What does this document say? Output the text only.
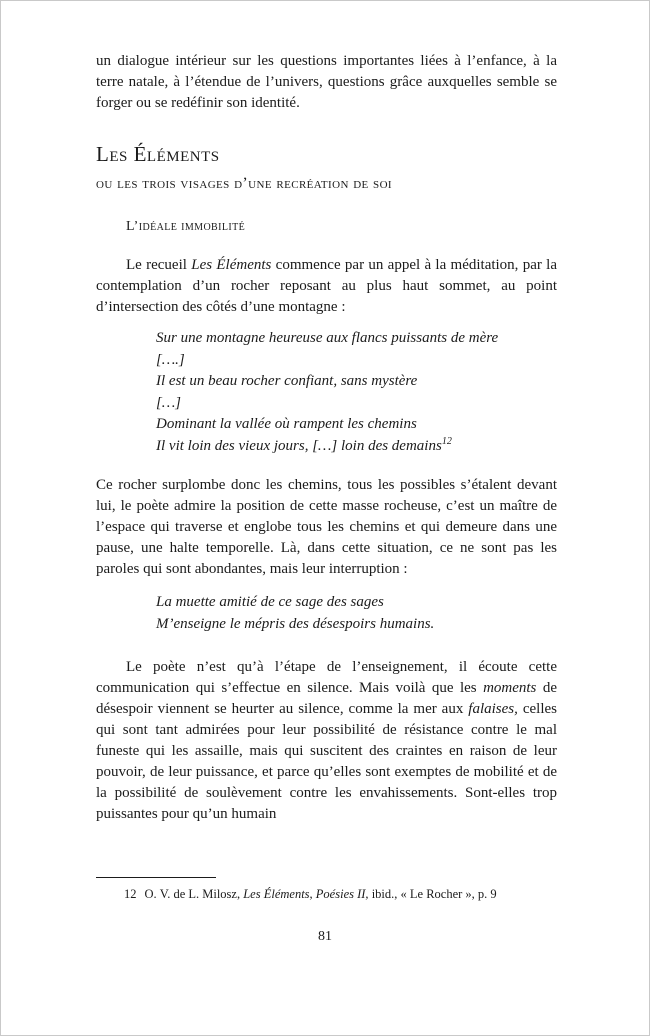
un dialogue intérieur sur les questions importantes liées à l’enfance, à la terre natale, à l’étendue de l’univers, questions grâce auxquelles semble se forger ou se redéfinir son identité.

Les Éléments
ou les trois visages d’une recréation de soi
L’idéale immobilité

Le recueil Les Éléments commence par un appel à la méditation, par la contemplation d’un rocher reposant au plus haut sommet, au point d’intersection des côtés d’une montagne :

Sur une montagne heureuse aux flancs puissants de mère
[….]
Il est un beau rocher confiant, sans mystère
[…]
Dominant la vallée où rampent les chemins
Il vit loin des vieux jours, […] loin des demains$^{12}$

Ce rocher surplombe donc les chemins, tous les possibles s’étalent devant lui, le poète admire la position de cette masse rocheuse, c’est un maître de l’espace qui traverse et englobe tous les chemins et qui demeure dans une pause, une halte temporelle. Là, dans cette situation, ce ne sont pas les paroles qui sont abondantes, mais leur interruption :

La muette amitié de ce sage des sages
M’enseigne le mépris des désespoirs humains.

Le poète n’est qu’à l’étape de l’enseignement, il écoute cette communication qui s’effectue en silence. Mais voilà que les moments de désespoir viennent se heurter au silence, comme la mer aux falaises, celles qui sont tant admirées pour leur possibilité de résistance contre le mal funeste qui les assaille, mais qui suscitent des craintes en raison de leur pouvoir, de leur puissance, et parce qu’elles sont exemptes de mobilité et de la possibilité de soulèvement contre les envahissements. Sont-elles trop puissantes pour qu’un humain

12 O. V. de L. Milosz, Les Éléments, Poésies II, ibid., « Le Rocher », p. 9

81
